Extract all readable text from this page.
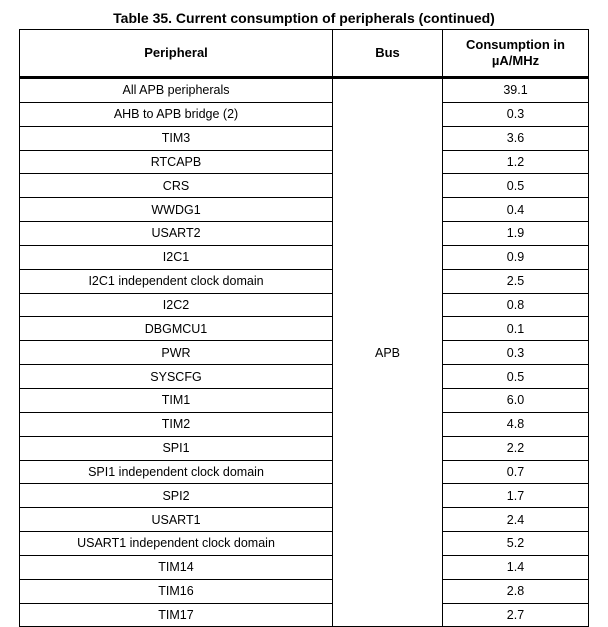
Table 35. Current consumption of peripherals (continued)
Peripheral	Bus	Consumption in
µA/MHz

All APB peripherals	APB	39.1
AHB to APB bridge (2)		0.3
TIM3		3.6
RTCAPB		1.2
CRS		0.5
WWDG1		0.4
USART2		1.9
I2C1		0.9
I2C1 independent clock domain		2.5
I2C2		0.8
DBGMCU1		0.1
PWR		0.3
SYSCFG		0.5
TIM1		6.0
TIM2		4.8
SPI1		2.2
SPI1 independent clock domain		0.7
SPI2		1.7
USART1		2.4
USART1 independent clock domain		5.2
TIM14		1.4
TIM16		2.8
TIM17		2.7
